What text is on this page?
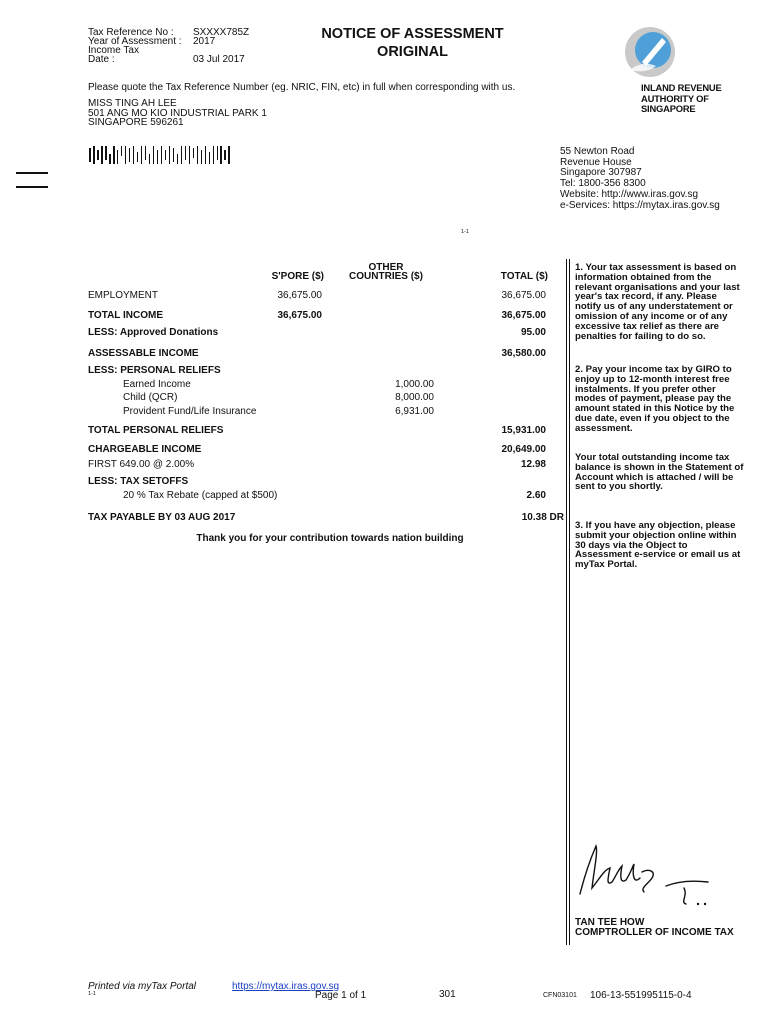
Tax Reference No : SXXXX785Z
Year of Assessment : 2017
Income Tax
Date :	03 Jul 2017
NOTICE OF ASSESSMENT
ORIGINAL
INLAND REVENUE
AUTHORITY OF
SINGAPORE
Please quote the Tax Reference Number (eg. NRIC, FIN, etc) in full when corresponding with us.
MISS TING AH LEE
501 ANG MO KIO INDUSTRIAL PARK 1
SINGAPORE 596261
55 Newton Road
Revenue House
Singapore 307987
Tel: 1800-356 8300
Website: http://www.iras.gov.sg
e-Services: https://mytax.iras.gov.sg
1-1
OTHER
COUNTRIES ($)
S'PORE ($)	TOTAL ($)
EMPLOYMENT	36,675.00	36,675.00
TOTAL INCOME	36,675.00	36,675.00
LESS: Approved Donations	95.00
ASSESSABLE INCOME	36,580.00
LESS: PERSONAL RELIEFS
Earned Income	1,000.00
Child (QCR)	8,000.00
Provident Fund/Life Insurance	6,931.00
TOTAL PERSONAL RELIEFS	15,931.00
CHARGEABLE INCOME	20,649.00
FIRST 649.00 @ 2.00%	12.98
LESS: TAX SETOFFS
20 % Tax Rebate (capped at $500)	2.60
TAX PAYABLE BY 03 AUG 2017	10.38 DR
Thank you for your contribution towards nation building
1. Your tax assessment is based on information obtained from the relevant organisations and your last year's tax record, if any. Please notify us of any understatement or omission of any income or of any excessive tax relief as there are penalties for failing to do so.
2. Pay your income tax by GIRO to enjoy up to 12-month interest free instalments. If you prefer other modes of payment, please pay the amount stated in this Notice by the due date, even if you object to the assessment.
Your total outstanding income tax balance is shown in the Statement of Account which is attached / will be sent to you shortly.
3. If you have any objection, please submit your objection online within 30 days via the Object to Assessment e-service or email us at myTax Portal.
TAN TEE HOW
COMPTROLLER OF INCOME TAX
Printed via myTax Portal	https://mytax.iras.gov.sg
1-1	Page 1 of 1	301	CFN03101 106-13-551995115-0-4
